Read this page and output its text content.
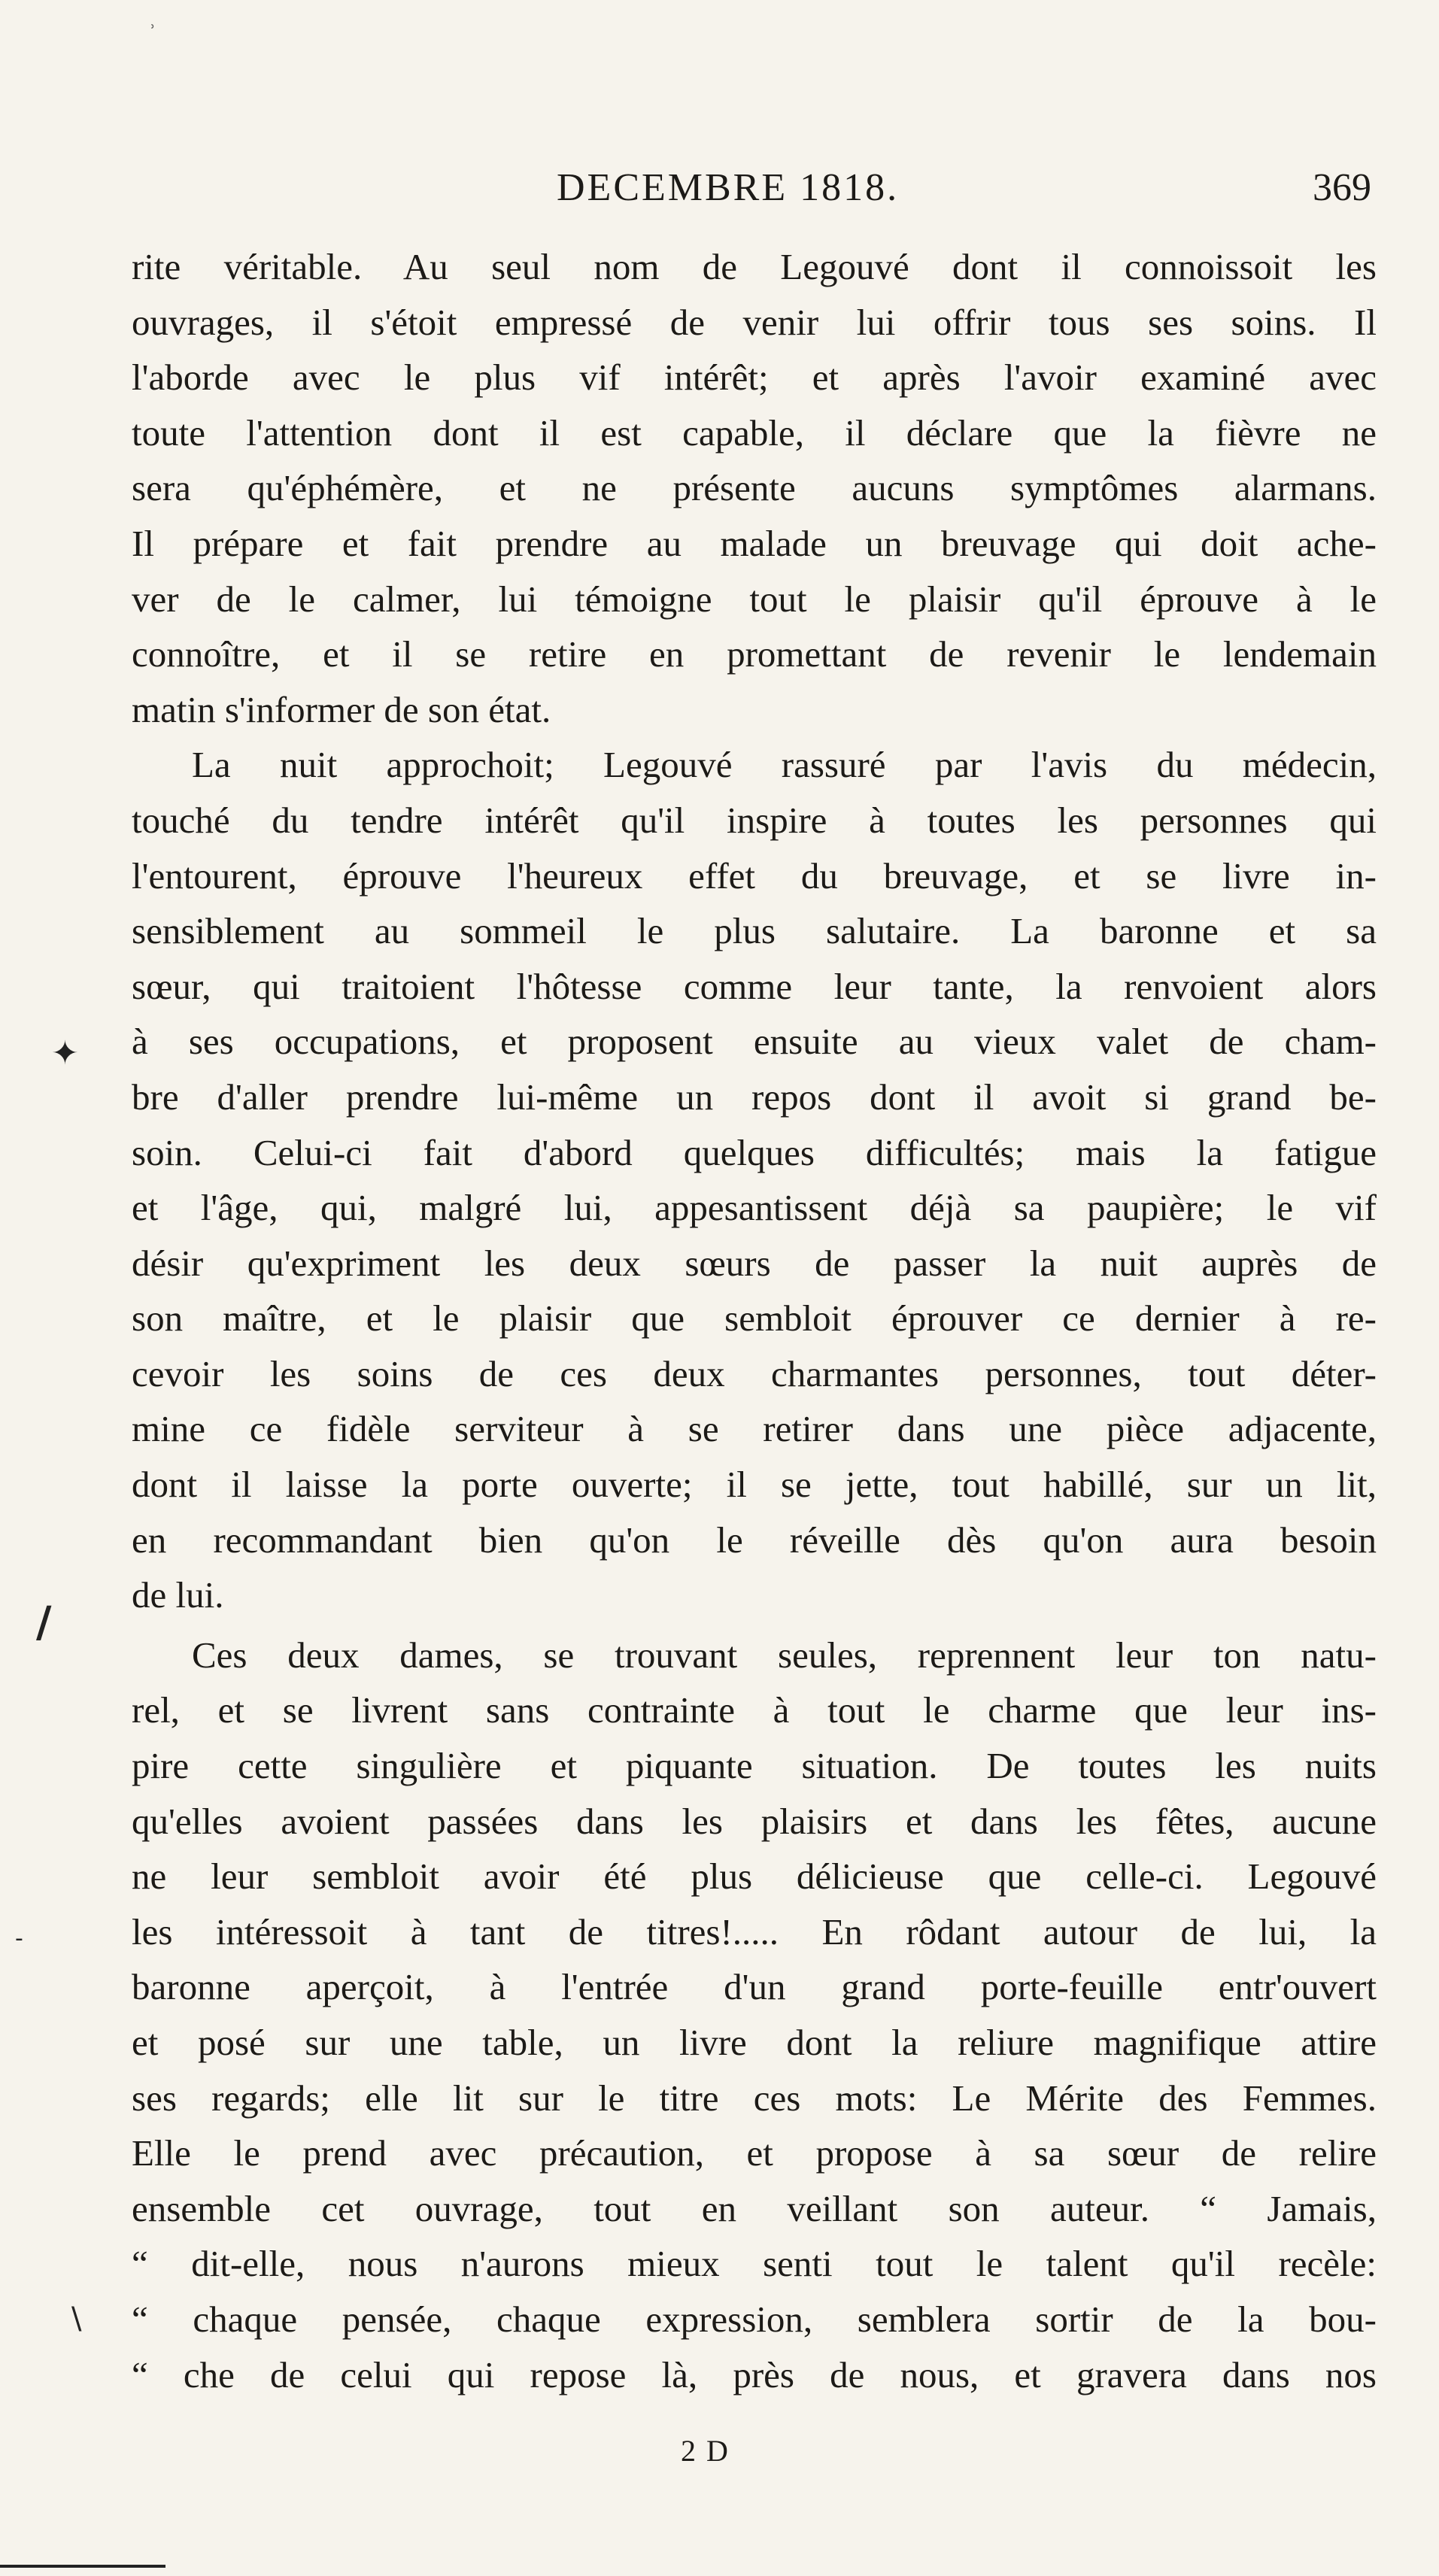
ʾ
DECEMBRE 1818.	369
rite véritable. Au seul nom de Legouvé dont il connoissoit les
ouvrages, il s'étoit empressé de venir lui offrir tous ses soins. Il
l'aborde avec le plus vif intérêt; et après l'avoir examiné avec
toute l'attention dont il est capable, il déclare que la fièvre ne
sera qu'éphémère, et ne présente aucuns symptômes alarmans.
Il prépare et fait prendre au malade un breuvage qui doit ache-
ver de le calmer, lui témoigne tout le plaisir qu'il éprouve à le
connoître, et il se retire en promettant de revenir le lendemain
matin s'informer de son état.
La nuit approchoit; Legouvé rassuré par l'avis du médecin,
touché du tendre intérêt qu'il inspire à toutes les personnes qui
l'entourent, éprouve l'heureux effet du breuvage, et se livre in-
sensiblement au sommeil le plus salutaire. La baronne et sa
sœur, qui traitoient l'hôtesse comme leur tante, la renvoient alors
à ses occupations, et proposent ensuite au vieux valet de cham-
bre d'aller prendre lui-même un repos dont il avoit si grand be-
soin. Celui-ci fait d'abord quelques difficultés; mais la fatigue
et l'âge, qui, malgré lui, appesantissent déjà sa paupière; le vif
désir qu'expriment les deux sœurs de passer la nuit auprès de
son maître, et le plaisir que sembloit éprouver ce dernier à re-
cevoir les soins de ces deux charmantes personnes, tout déter-
mine ce fidèle serviteur à se retirer dans une pièce adjacente,
dont il laisse la porte ouverte; il se jette, tout habillé, sur un lit,
en recommandant bien qu'on le réveille dès qu'on aura besoin
de lui.
Ces deux dames, se trouvant seules, reprennent leur ton natu-
rel, et se livrent sans contrainte à tout le charme que leur ins-
pire cette singulière et piquante situation. De toutes les nuits
qu'elles avoient passées dans les plaisirs et dans les fêtes, aucune
ne leur sembloit avoir été plus délicieuse que celle-ci. Legouvé
les intéressoit à tant de titres!..... En rôdant autour de lui, la
baronne aperçoit, à l'entrée d'un grand porte-feuille entr'ouvert
et posé sur une table, un livre dont la reliure magnifique attire
ses regards; elle lit sur le titre ces mots: Le Mérite des Femmes.
Elle le prend avec précaution, et propose à sa sœur de relire
ensemble cet ouvrage, tout en veillant son auteur. “ Jamais,
“ dit-elle, nous n'aurons mieux senti tout le talent qu'il recèle:
“ chaque pensée, chaque expression, semblera sortir de la bou-
“ che de celui qui repose là, près de nous, et gravera dans nos
2 D
✦
/
‐
\
